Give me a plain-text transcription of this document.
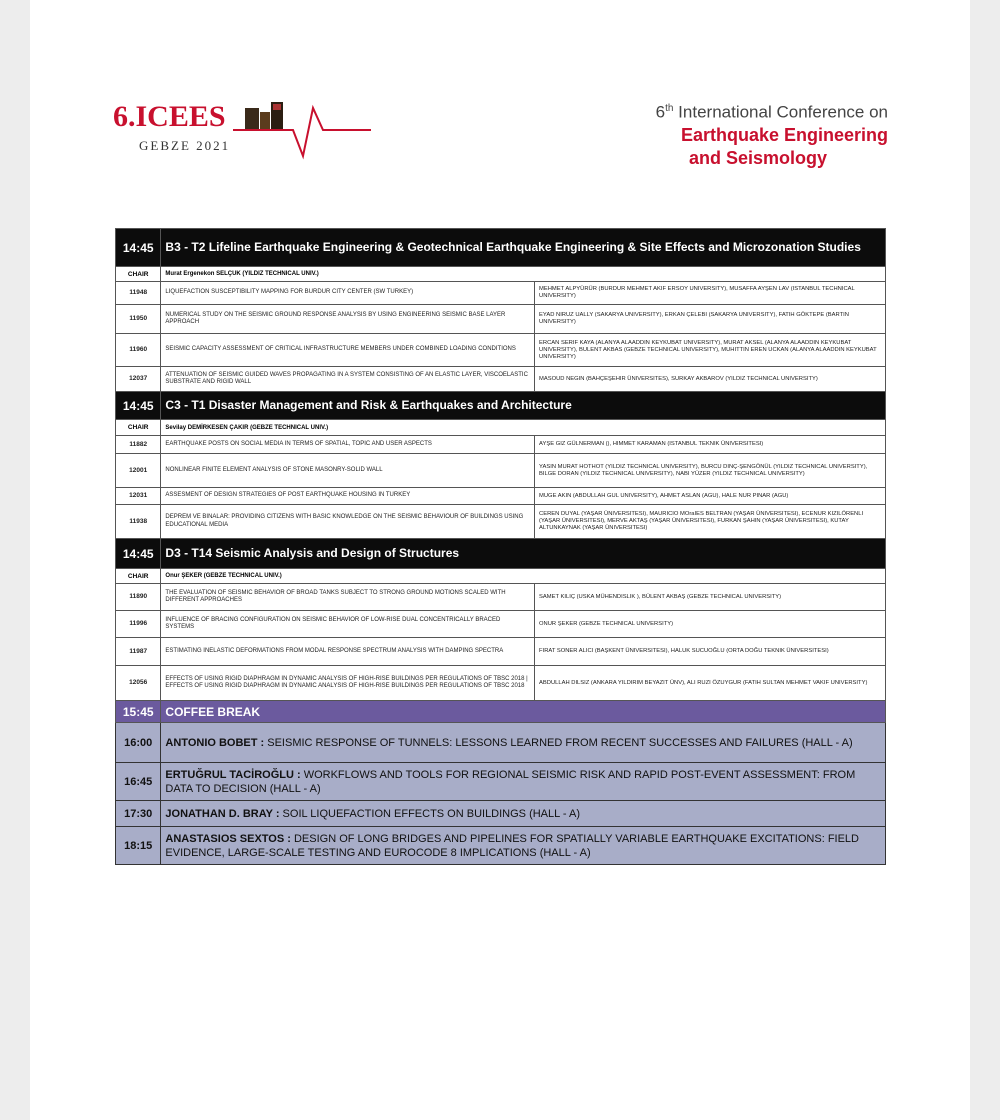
6.ICEES
GEBZE 2021
6th International Conference on
Earthquake Engineering
and Seismology
14:45	B3 - T2 Lifeline Earthquake Engineering & Geotechnical Earthquake Engineering & Site Effects and Microzonation Studies	
CHAIR	Murat Ergenekon SELÇUK (YILDIZ TECHNICAL UNIV.)	
11948	LIQUEFACTION SUSCEPTIBILITY MAPPING FOR BURDUR CITY CENTER (SW TURKEY)	MEHMET ALPYÜRÜR (BURDUR MEHMET AKIF ERSOY UNIVERSITY), MUSAFFA AYŞEN LAV (ISTANBUL TECHNICAL UNIVERSITY)
11950	NUMERICAL STUDY ON THE SEISMIC GROUND RESPONSE ANALYSIS BY USING ENGINEERING SEISMIC BASE LAYER APPROACH	EYAD NIRUZ UALLY (SAKARYA UNIVERSITY), ERKAN ÇELEBI (SAKARYA UNIVERSITY), FATIH GÖKTEPE (BARTIN UNIVERSITY)
11960	SEISMIC CAPACITY ASSESSMENT OF CRITICAL INFRASTRUCTURE MEMBERS UNDER COMBINED LOADING CONDITIONS	ERCAN SERIF KAYA (ALANYA ALAADDIN KEYKUBAT UNIVERSITY), MURAT AKSEL (ALANYA ALAADDIN KEYKUBAT UNIVERSITY), BULENT AKBAS (GEBZE TECHNICAL UNIVERSITY), MUHITTIN EREN UCKAN (ALANYA ALAADDIN KEYKUBAT UNIVERSITY)
12037	ATTENUATION OF SEISMIC GUIDED WAVES PROPAGATING IN A SYSTEM CONSISTING OF AN ELASTIC LAYER, VISCOELASTIC SUBSTRATE AND RIGID WALL	MASOUD NEGIN (BAHÇEŞEHIR ÜNIVERSITES), SURKAY AKBAROV (YILDIZ TECHNICAL UNIVERSITY)
14:45	C3 - T1 Disaster Management and Risk & Earthquakes and Architecture	
CHAIR	Sevilay DEMİRKESEN ÇAKIR (GEBZE TECHNICAL UNIV.)	
11882	EARTHQUAKE POSTS ON SOCIAL MEDIA IN TERMS OF SPATIAL, TOPIC AND USER ASPECTS	AYŞE GIZ GÜLNERMAN (), HIMMET KARAMAN (ISTANBUL TEKNIK ÜNIVERSITESI)
12001	NONLINEAR FINITE ELEMENT ANALYSIS OF STONE MASONRY-SOLID WALL	YASIN MURAT HOTHOT (YILDIZ TECHNICAL UNIVERSITY), BURCU DINÇ-ŞENGÖNÜL (YILDIZ TECHNICAL UNIVERSITY), BILGE DORAN (YILDIZ TECHNICAL UNIVERSITY), NABI YÜZER (YILDIZ TECHNICAL UNIVERSITY)
12031	ASSESMENT OF DESIGN STRATEGIES OF POST EARTHQUAKE HOUSING IN TURKEY	MUGE AKIN (ABDULLAH GUL UNIVERSITY), AHMET ASLAN (AGU), HALE NUR PINAR (AGU)
11938	DEPREM VE BINALAR: PROVIDING CITIZENS WITH BASIC KNOWLEDGE ON THE SEISMIC BEHAVIOUR OF BUILDINGS USING EDUCATIONAL MEDIA	CEREN DUYAL (YAŞAR ÜNIVERSITESI), MAURICIO MOraIES BELTRAN (YAŞAR ÜNIVERSITESI), ECENUR KIZILÖRENLI (YAŞAR ÜNIVERSITESI), MERVE AKTAŞ (YAŞAR ÜNIVERSITESI), FURKAN ŞAHIN (YAŞAR ÜNIVERSITESI), KUTAY ALTUNKAYNAK (YAŞAR ÜNIVERSITESI)
14:45	D3 - T14 Seismic Analysis and Design of Structures	
CHAIR	Onur ŞEKER (GEBZE TECHNICAL UNIV.)	
11890	THE EVALUATION OF SEISMIC BEHAVIOR OF BROAD TANKS SUBJECT TO STRONG GROUND MOTIONS SCALED WITH DIFFERENT APPROACHES	SAMET KILIÇ (USKA MÜHENDISLIK ), BÜLENT AKBAŞ (GEBZE TECHNICAL UNIVERSITY)
11996	INFLUENCE OF BRACING CONFIGURATION ON SEISMIC BEHAVIOR OF LOW-RISE DUAL CONCENTRICALLY BRACED SYSTEMS	ONUR ŞEKER (GEBZE TECHNICAL UNIVERSITY)
11987	ESTIMATING INELASTIC DEFORMATIONS FROM MODAL RESPONSE SPECTRUM ANALYSIS WITH DAMPING SPECTRA	FIRAT SONER ALICI (BAŞKENT ÜNIVERSITESI), HALUK SUCUOĞLU (ORTA DOĞU TEKNIK ÜNIVERSITESI)
12056	EFFECTS OF USING RIGID DIAPHRAGM IN DYNAMIC ANALYSIS OF HIGH-RISE BUILDINGS PER REGULATIONS OF TBSC 2018 | EFFECTS OF USING RIGID DIAPHRAGM IN DYNAMIC ANALYSIS OF HIGH-RISE BUILDINGS PER REGULATIONS OF TBSC 2018	ABDULLAH DILSIZ (ANKARA YILDIRIM BEYAZIT ÜNV), ALI RUZI ÖZUYGUR (FATIH SULTAN MEHMET VAKIF UNIVERSITY)
15:45	COFFEE BREAK	
16:00	ANTONIO BOBET : SEISMIC RESPONSE OF TUNNELS: LESSONS LEARNED FROM RECENT SUCCESSES AND FAILURES (HALL - A)	
16:45	ERTUĞRUL TACİROĞLU : WORKFLOWS AND TOOLS FOR REGIONAL SEISMIC RISK AND RAPID POST-EVENT ASSESSMENT: FROM DATA TO DECISION (HALL - A)	
17:30	JONATHAN D. BRAY : SOIL LIQUEFACTION EFFECTS ON BUILDINGS (HALL - A)	
18:15	ANASTASIOS SEXTOS : DESIGN OF LONG BRIDGES AND PIPELINES FOR SPATIALLY VARIABLE EARTHQUAKE EXCITATIONS: FIELD EVIDENCE, LARGE-SCALE TESTING AND EUROCODE 8 IMPLICATIONS (HALL - A)	
